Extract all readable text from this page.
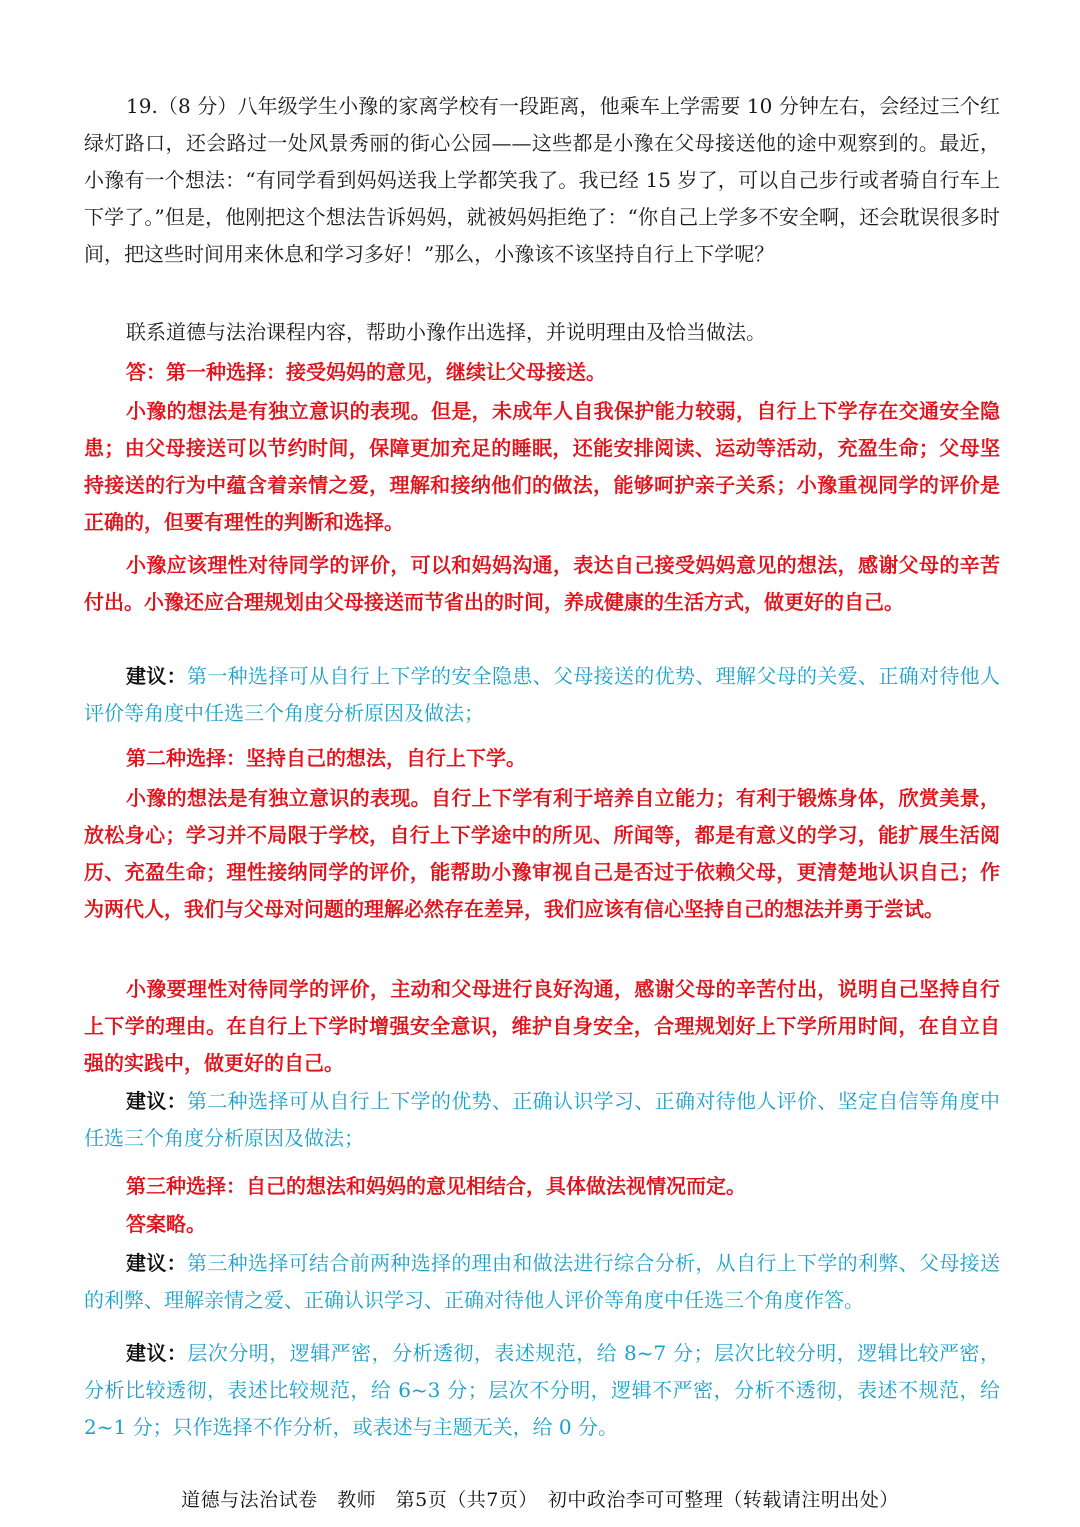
19.（8 分）八年级学生小豫的家离学校有一段距离，他乘车上学需要 10 分钟左右，会经过三个红绿灯路口，还会路过一处风景秀丽的街心公园——这些都是小豫在父母接送他的途中观察到的。最近，小豫有一个想法：“有同学看到妈妈送我上学都笑我了。我已经 15 岁了，可以自己步行或者骑自行车上下学了。”但是，他刚把这个想法告诉妈妈，就被妈妈拒绝了：“你自己上学多不安全啊，还会耽误很多时间，把这些时间用来休息和学习多好！”那么，小豫该不该坚持自行上下学呢？

联系道德与法治课程内容，帮助小豫作出选择，并说明理由及恰当做法。

答：第一种选择：接受妈妈的意见，继续让父母接送。

小豫的想法是有独立意识的表现。但是，未成年人自我保护能力较弱，自行上下学存在交通安全隐患；由父母接送可以节约时间，保障更加充足的睡眠，还能安排阅读、运动等活动，充盈生命；父母坚持接送的行为中蕴含着亲情之爱，理解和接纳他们的做法，能够呵护亲子关系；小豫重视同学的评价是正确的，但要有理性的判断和选择。

小豫应该理性对待同学的评价，可以和妈妈沟通，表达自己接受妈妈意见的想法，感谢父母的辛苦付出。小豫还应合理规划由父母接送而节省出的时间，养成健康的生活方式，做更好的自己。

建议：第一种选择可从自行上下学的安全隐患、父母接送的优势、理解父母的关爱、正确对待他人评价等角度中任选三个角度分析原因及做法；

第二种选择：坚持自己的想法，自行上下学。

小豫的想法是有独立意识的表现。自行上下学有利于培养自立能力；有利于锻炼身体，欣赏美景，放松身心；学习并不局限于学校，自行上下学途中的所见、所闻等，都是有意义的学习，能扩展生活阅历、充盈生命；理性接纳同学的评价，能帮助小豫审视自己是否过于依赖父母，更清楚地认识自己；作为两代人，我们与父母对问题的理解必然存在差异，我们应该有信心坚持自己的想法并勇于尝试。

小豫要理性对待同学的评价，主动和父母进行良好沟通，感谢父母的辛苦付出，说明自己坚持自行上下学的理由。在自行上下学时增强安全意识，维护自身安全，合理规划好上下学所用时间，在自立自强的实践中，做更好的自己。

建议：第二种选择可从自行上下学的优势、正确认识学习、正确对待他人评价、坚定自信等角度中任选三个角度分析原因及做法；

第三种选择：自己的想法和妈妈的意见相结合，具体做法视情况而定。

答案略。

建议：第三种选择可结合前两种选择的理由和做法进行综合分析，从自行上下学的利弊、父母接送的利弊、理解亲情之爱、正确认识学习、正确对待他人评价等角度中任选三个角度作答。

建议：层次分明，逻辑严密，分析透彻，表述规范，给 8~7 分；层次比较分明，逻辑比较严密，分析比较透彻，表述比较规范，给 6~3 分；层次不分明，逻辑不严密，分析不透彻，表述不规范，给 2~1 分；只作选择不作分析，或表述与主题无关，给 0 分。

道德与法治试卷　教师　第5页（共7页）　初中政治李可可整理（转载请注明出处）
